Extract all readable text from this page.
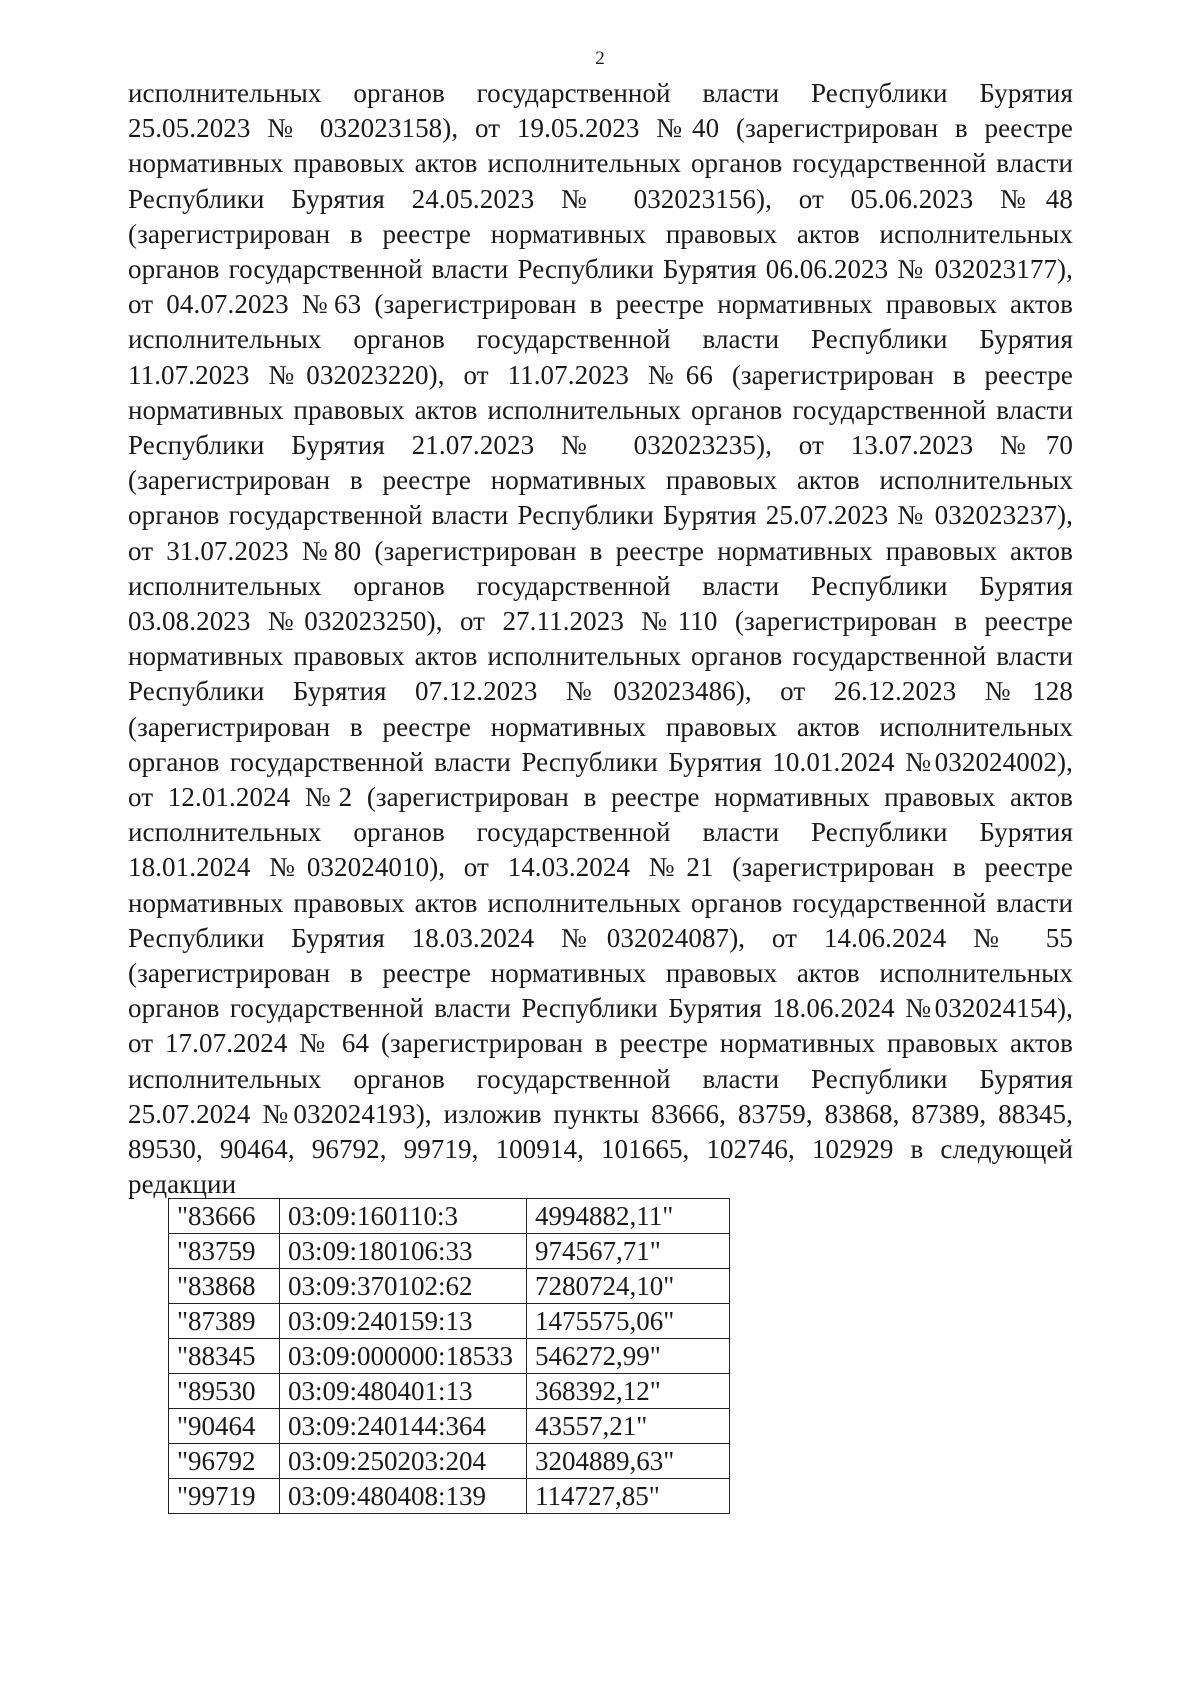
2
исполнительных органов государственной власти Республики Бурятия 25.05.2023 № 032023158), от 19.05.2023 №40 (зарегистрирован в реестре нормативных правовых актов исполнительных органов государственной власти Республики Бурятия 24.05.2023 № 032023156), от 05.06.2023 №48 (зарегистрирован в реестре нормативных правовых актов исполнительных органов государственной власти Республики Бурятия 06.06.2023 № 032023177), от 04.07.2023 №63 (зарегистрирован в реестре нормативных правовых актов исполнительных органов государственной власти Республики Бурятия 11.07.2023 №032023220), от 11.07.2023 №66 (зарегистрирован в реестре нормативных правовых актов исполнительных органов государственной власти Республики Бурятия 21.07.2023 № 032023235), от 13.07.2023 №70 (зарегистрирован в реестре нормативных правовых актов исполнительных органов государственной власти Республики Бурятия 25.07.2023 № 032023237), от 31.07.2023 №80 (зарегистрирован в реестре нормативных правовых актов исполнительных органов государственной власти Республики Бурятия 03.08.2023 №032023250), от 27.11.2023 №110 (зарегистрирован в реестре нормативных правовых актов исполнительных органов государственной власти Республики Бурятия 07.12.2023 №032023486), от 26.12.2023 №128 (зарегистрирован в реестре нормативных правовых актов исполнительных органов государственной власти Республики Бурятия 10.01.2024 №032024002), от 12.01.2024 №2 (зарегистрирован в реестре нормативных правовых актов исполнительных органов государственной власти Республики Бурятия 18.01.2024 №032024010), от 14.03.2024 №21 (зарегистрирован в реестре нормативных правовых актов исполнительных органов государственной власти Республики Бурятия 18.03.2024 №032024087), от 14.06.2024 № 55 (зарегистрирован в реестре нормативных правовых актов исполнительных органов государственной власти Республики Бурятия 18.06.2024 №032024154), от 17.07.2024 № 64 (зарегистрирован в реестре нормативных правовых актов исполнительных органов государственной власти Республики Бурятия 25.07.2024 №032024193), изложив пункты 83666, 83759, 83868, 87389, 88345, 89530, 90464, 96792, 99719, 100914, 101665, 102746, 102929 в следующей редакции
"83666	03:09:160110:3	4994882,11"
"83759	03:09:180106:33	974567,71"
"83868	03:09:370102:62	7280724,10"
"87389	03:09:240159:13	1475575,06"
"88345	03:09:000000:18533	546272,99"
"89530	03:09:480401:13	368392,12"
"90464	03:09:240144:364	43557,21"
"96792	03:09:250203:204	3204889,63"
"99719	03:09:480408:139	114727,85"
